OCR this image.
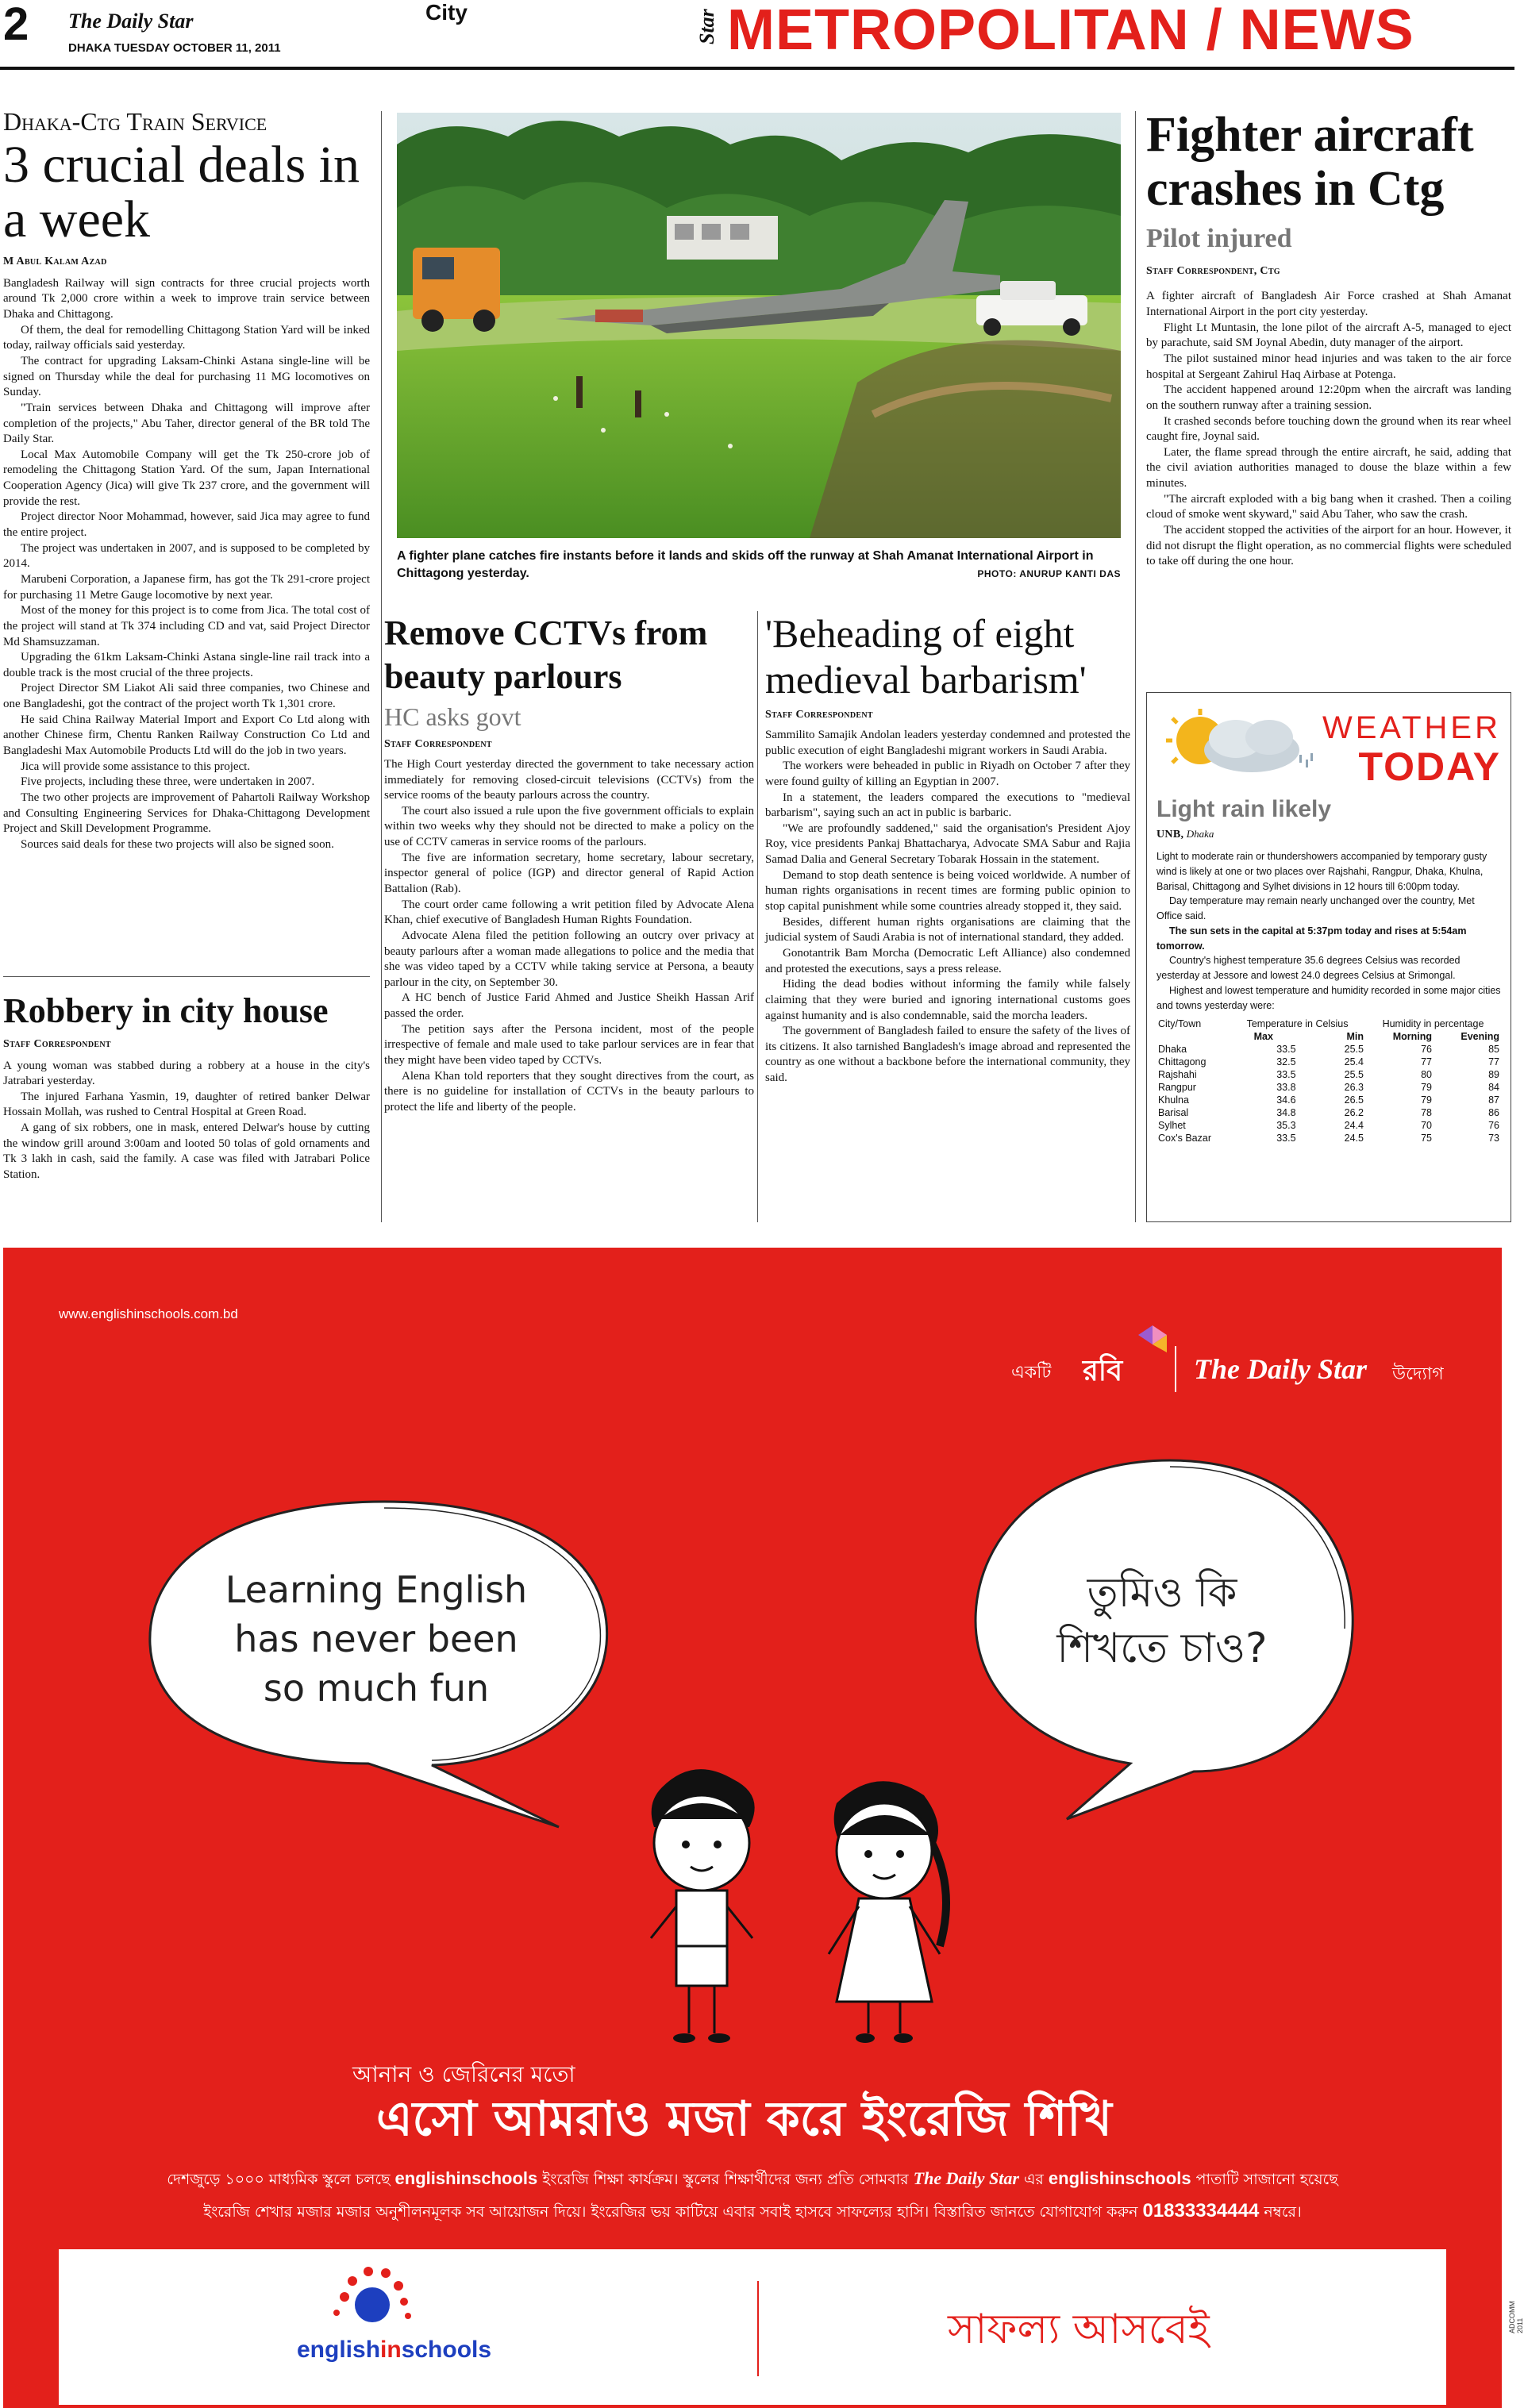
2 The Daily Star
DHAKA TUESDAY OCTOBER 11, 2011
City	Star METROPOLITAN / NEWS
Dhaka-Ctg Train Service
3 crucial deals in a week
M Abul Kalam Azad

Bangladesh Railway will sign contracts for three crucial projects worth around Tk 2,000 crore within a week to improve train service between Dhaka and Chittagong.

Of them, the deal for remodelling Chittagong Station Yard will be inked today, railway officials said yesterday.

The contract for upgrading Laksam-Chinki Astana single-line will be signed on Thursday while the deal for purchasing 11 MG locomotives on Sunday.

"Train services between Dhaka and Chittagong will improve after completion of the projects," Abu Taher, director general of the BR told The Daily Star.

Local Max Automobile Company will get the Tk 250-crore job of remodeling the Chittagong Station Yard. Of the sum, Japan International Cooperation Agency (Jica) will give Tk 237 crore, and the government will provide the rest.

Project director Noor Mohammad, however, said Jica may agree to fund the entire project.

The project was undertaken in 2007, and is supposed to be completed by 2014.

Marubeni Corporation, a Japanese firm, has got the Tk 291-crore project for purchasing 11 Metre Gauge locomotive by next year.

Most of the money for this project is to come from Jica. The total cost of the project will stand at Tk 374 including CD and vat, said Project Director Md Shamsuzzaman.

Upgrading the 61km Laksam-Chinki Astana single-line rail track into a double track is the most crucial of the three projects.

Project Director SM Liakot Ali said three companies, two Chinese and one Bangladeshi, got the contract of the project worth Tk 1,301 crore.

He said China Railway Material Import and Export Co Ltd along with another Chinese firm, Chentu Ranken Railway Construction Co Ltd and Bangladeshi Max Automobile Products Ltd will do the job in two years.

Jica will provide some assistance to this project.

Five projects, including these three, were undertaken in 2007.

The two other projects are improvement of Pahartoli Railway Workshop and Consulting Engineering Services for Dhaka-Chittagong Development Project and Skill Development Programme.

Sources said deals for these two projects will also be signed soon.

Robbery in city house
Staff Correspondent

A young woman was stabbed during a robbery at a house in the city's Jatrabari yesterday.

The injured Farhana Yasmin, 19, daughter of retired banker Delwar Hossain Mollah, was rushed to Central Hospital at Green Road.

A gang of six robbers, one in mask, entered Delwar's house by cutting the window grill around 3:00am and looted 50 tolas of gold ornaments and Tk 3 lakh in cash, said the family. A case was filed with Jatrabari Police Station.

A fighter plane catches fire instants before it lands and skids off the runway at Shah Amanat International Airport in Chittagong yesterday.	PHOTO: ANURUP KANTI DAS
Remove CCTVs from beauty parlours
HC asks govt
Staff Correspondent

The High Court yesterday directed the government to take necessary action immediately for removing closed-circuit televisions (CCTVs) from the service rooms of the beauty parlours across the country.

The court also issued a rule upon the five government officials to explain within two weeks why they should not be directed to make a policy on the use of CCTV cameras in service rooms of the parlours.

The five are information secretary, home secretary, labour secretary, inspector general of police (IGP) and director general of Rapid Action Battalion (Rab).

The court order came following a writ petition filed by Advocate Alena Khan, chief executive of Bangladesh Human Rights Foundation.

Advocate Alena filed the petition following an outcry over privacy at beauty parlours after a woman made allegations to police and the media that she was video taped by a CCTV while taking service at Persona, a beauty parlour in the city, on September 30.

A HC bench of Justice Farid Ahmed and Justice Sheikh Hassan Arif passed the order.

The petition says after the Persona incident, most of the people irrespective of female and male used to take parlour services are in fear that they might have been video taped by CCTVs.

Alena Khan told reporters that they sought directives from the court, as there is no guideline for installation of CCTVs in the beauty parlours to protect the life and liberty of the people.

'Beheading of eight medieval barbarism'
Staff Correspondent

Sammilito Samajik Andolan leaders yesterday condemned and protested the public execution of eight Bangladeshi migrant workers in Saudi Arabia.

The workers were beheaded in public in Riyadh on October 7 after they were found guilty of killing an Egyptian in 2007.

In a statement, the leaders compared the executions to "medieval barbarism", saying such an act in public is barbaric.

"We are profoundly saddened," said the organisation's President Ajoy Roy, vice presidents Pankaj Bhattacharya, Advocate SMA Sabur and Rajia Samad Dalia and General Secretary Tobarak Hossain in the statement.

Demand to stop death sentence is being voiced worldwide. A number of human rights organisations in recent times are forming public opinion to stop capital punishment while some countries already stopped it, they said.

Besides, different human rights organisations are claiming that the judicial system of Saudi Arabia is not of international standard, they added.

Gonotantrik Bam Morcha (Democratic Left Alliance) also condemned and protested the executions, says a press release.

Hiding the dead bodies without informing the family while falsely claiming that they were buried and ignoring international customs goes against humanity and is also condemnable, said the morcha leaders.

The government of Bangladesh failed to ensure the safety of the lives of its citizens. It also tarnished Bangladesh's image abroad and represented the country as one without a backbone before the international community, they said.

Fighter aircraft crashes in Ctg
Pilot injured
Staff Correspondent, Ctg

A fighter aircraft of Bangladesh Air Force crashed at Shah Amanat International Airport in the port city yesterday.

Flight Lt Muntasin, the lone pilot of the aircraft A-5, managed to eject by parachute, said SM Joynal Abedin, duty manager of the airport.

The pilot sustained minor head injuries and was taken to the air force hospital at Sergeant Zahirul Haq Airbase at Potenga.

The accident happened around 12:20pm when the aircraft was landing on the southern runway after a training session.

It crashed seconds before touching down the ground when its rear wheel caught fire, Joynal said.

Later, the flame spread through the entire aircraft, he said, adding that the civil aviation authorities managed to douse the blaze within a few minutes.

"The aircraft exploded with a big bang when it crashed. Then a coiling cloud of smoke went skyward," said Abu Taher, who saw the crash.

The accident stopped the activities of the airport for an hour. However, it did not disrupt the flight operation, as no commercial flights were scheduled to take off during the one hour.

WEATHER
TODAY
Light rain likely
UNB, Dhaka

Light to moderate rain or thundershowers accompanied by temporary gusty wind is likely at one or two places over Rajshahi, Rangpur, Dhaka, Khulna, Barisal, Chittagong and Sylhet divisions in 12 hours till 6:00pm today.

Day temperature may remain nearly unchanged over the country, Met Office said.

The sun sets in the capital at 5:37pm today and rises at 5:54am tomorrow.

Country's highest temperature 35.6 degrees Celsius was recorded yesterday at Jessore and lowest 24.0 degrees Celsius at Srimongal.

Highest and lowest temperature and humidity recorded in some major cities and towns yesterday were:

City/Town	Temperature in Celsius		Humidity in percentage	
	Max	Min	Morning	Evening
Dhaka	33.5	25.5	76	85
Chittagong	32.5	25.4	77	77
Rajshahi	33.5	25.5	80	89
Rangpur	33.8	26.3	79	84
Khulna	34.6	26.5	79	87
Barisal	34.8	26.2	78	86
Sylhet	35.3	24.4	70	76
Cox's Bazar	33.5	24.5	75	73
www.englishinschools.com.bd
একটি রবি The Daily Star উদ্যোগ
Learning English
has never been
so much fun
তুমিও কি
শিখতে চাও?
আনান ও জেরিনের মতো
এসো আমরাও মজা করে ইংরেজি শিখি
দেশজুড়ে ১০০০ মাধ্যমিক স্কুলে চলছে englishinschools ইংরেজি শিক্ষা কার্যক্রম। স্কুলের শিক্ষার্থীদের জন্য প্রতি সোমবার The Daily Star এর englishinschools পাতাটি সাজানো হয়েছে
ইংরেজি শেখার মজার মজার অনুশীলনমূলক সব আয়োজন দিয়ে। ইংরেজির ভয় কাটিয়ে এবার সবাই হাসবে সাফল্যের হাসি। বিস্তারিত জানতে যোগাযোগ করুন 01833334444 নম্বরে।
englishinschools	সাফল্য আসবেই	ADCOMM 2011
